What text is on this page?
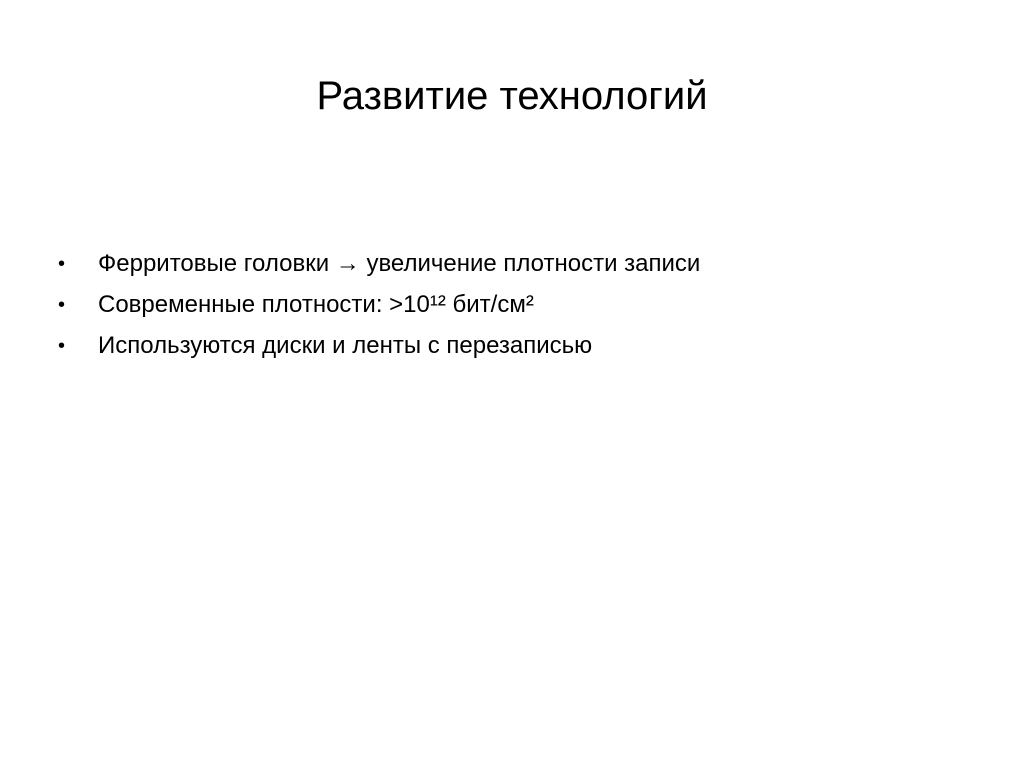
Развитие технологий
• Ферритовые головки → увеличение плотности записи
• Современные плотности: >10¹² бит/см²
• Используются диски и ленты с перезаписью
